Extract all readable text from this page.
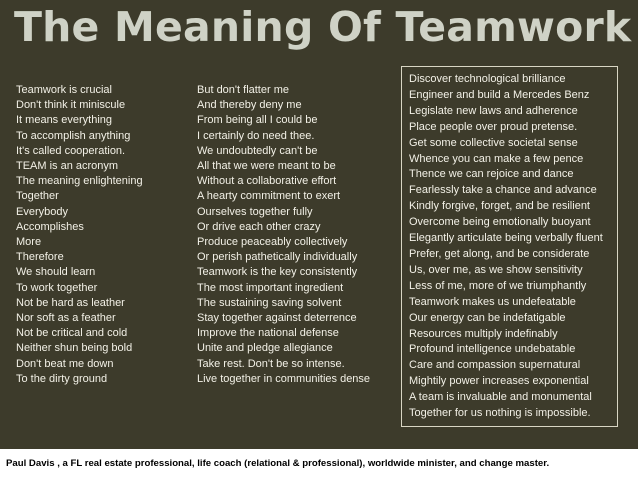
The Meaning Of Teamwork
Teamwork is crucial
Don't think it miniscule
It means everything
To accomplish anything
It's called cooperation.
TEAM is an acronym
The meaning enlightening
Together
Everybody
Accomplishes
More
Therefore
We should learn
To work together
Not be hard as leather
Nor soft as a feather
Not be critical and cold
Neither shun being bold
Don't beat me down
To the dirty ground
But don't flatter me
And thereby deny me
From being all I could be
I certainly do need thee.
We undoubtedly can't be
All that we were meant to be
Without a collaborative effort
A hearty commitment to exert
Ourselves together fully
Or drive each other crazy
Produce peaceably collectively
Or perish pathetically individually
Teamwork is the key consistently
The most important ingredient
The sustaining saving solvent
Stay together against deterrence
Improve the national defense
Unite and pledge allegiance
Take rest. Don't be so intense.
Live together in communities dense
Discover technological brilliance
Engineer and build a Mercedes Benz
Legislate new laws and adherence
Place people over proud pretense.
Get some collective societal sense
Whence you can make a few pence
Thence we can rejoice and dance
Fearlessly take a chance and advance
Kindly forgive, forget, and be resilient
Overcome being emotionally buoyant
Elegantly articulate being verbally fluent
Prefer, get along, and be considerate
Us, over me, as we show sensitivity
Less of me, more of we triumphantly
Teamwork makes us undefeatable
Our energy can be indefatigable
Resources multiply indefinably
Profound intelligence undebatable
Care and compassion supernatural
Mightily power increases exponential
A team is invaluable and monumental
Together for us nothing is impossible.
Paul Davis , a FL real estate professional, life coach (relational & professional), worldwide minister, and change master.
